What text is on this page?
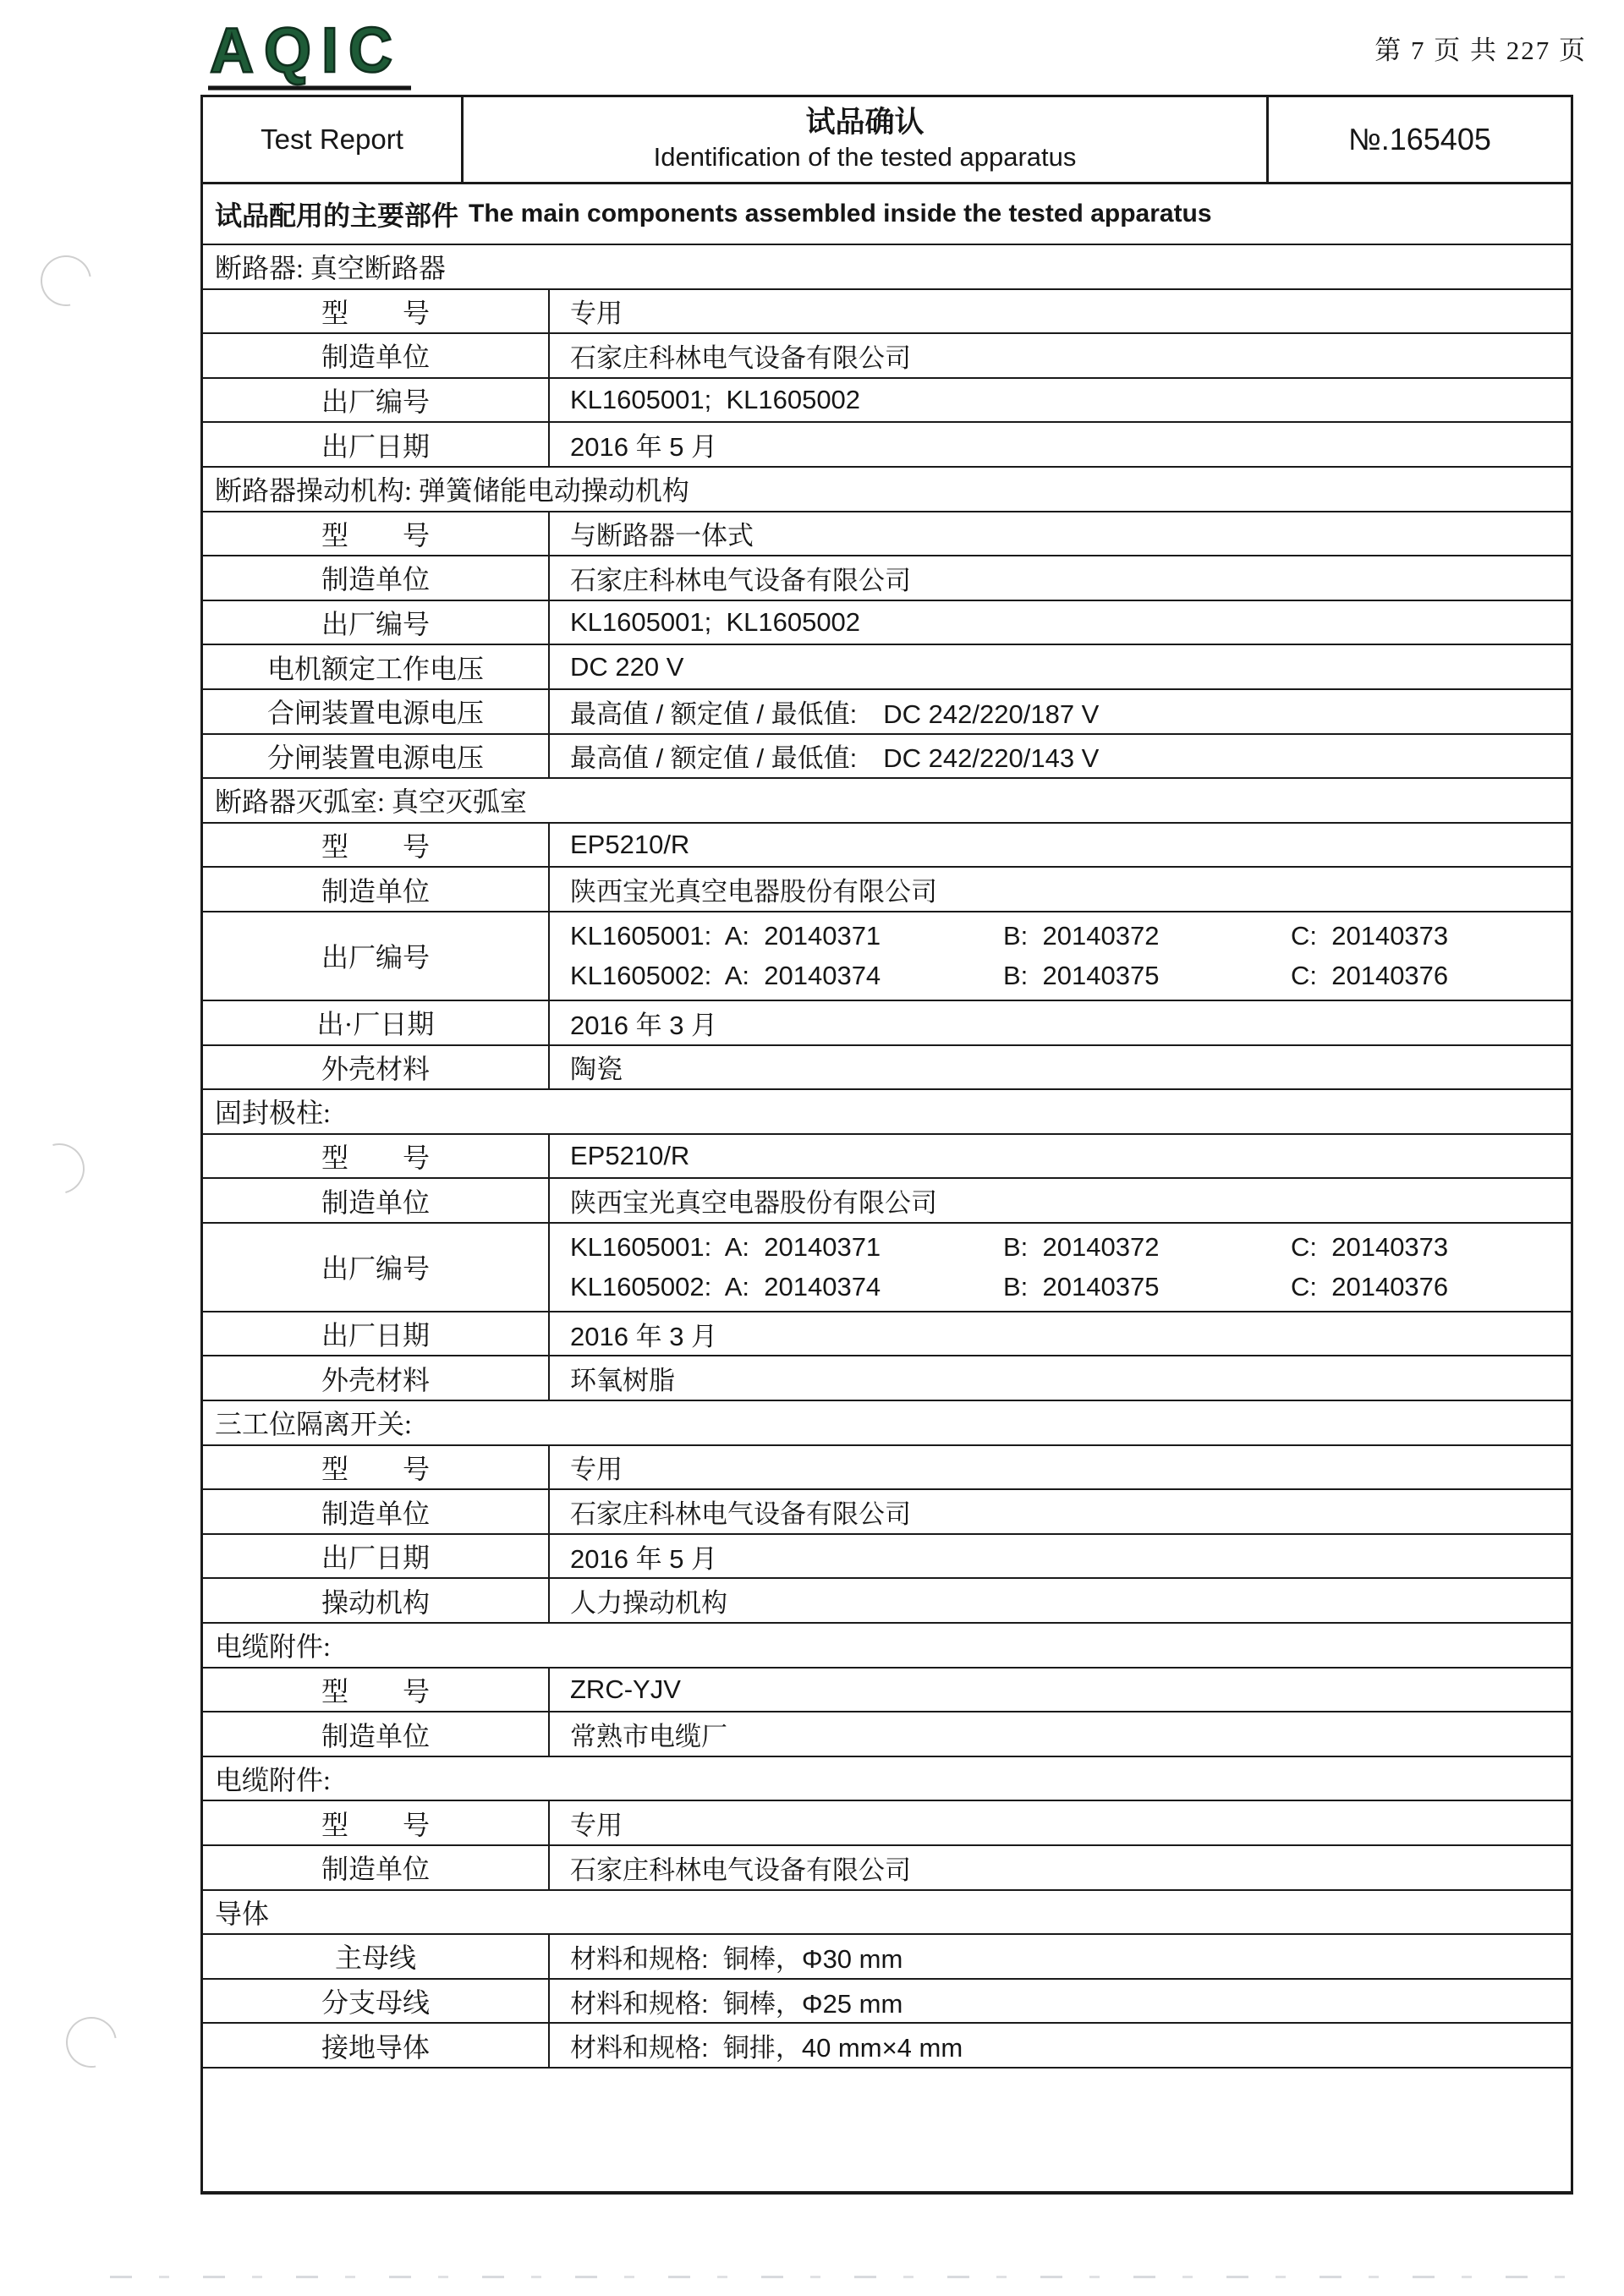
AQIC	第 7 页 共 227 页
Test Report
试品确认
Identification of the tested apparatus
№.165405
试品配用的主要部件 The main components assembled inside the tested apparatus
断路器: 真空断路器
型　　号	专用
制造单位	石家庄科林电气设备有限公司
出厂编号	KL1605001;  KL1605002
出厂日期	2016 年 5 月
断路器操动机构: 弹簧储能电动操动机构
型　　号	与断路器一体式
制造单位	石家庄科林电气设备有限公司
出厂编号	KL1605001;  KL1605002
电机额定工作电压	DC 220 V
合闸装置电源电压	最高值 / 额定值 / 最低值:　DC 242/220/187 V
分闸装置电源电压	最高值 / 额定值 / 最低值:　DC 242/220/143 V
断路器灭弧室: 真空灭弧室
型　　号	EP5210/R
制造单位	陕西宝光真空电器股份有限公司
出厂编号
KL1605001:  A:  20140371	B:  20140372	C:  20140373
KL1605002:  A:  20140374	B:  20140375	C:  20140376
出·厂日期	2016 年 3 月
外壳材料	陶瓷
固封极柱:
型　　号	EP5210/R
制造单位	陕西宝光真空电器股份有限公司
出厂编号
KL1605001:  A:  20140371	B:  20140372	C:  20140373
KL1605002:  A:  20140374	B:  20140375	C:  20140376
出厂日期	2016 年 3 月
外壳材料	环氧树脂
三工位隔离开关:
型　　号	专用
制造单位	石家庄科林电气设备有限公司
出厂日期	2016 年 5 月
操动机构	人力操动机构
电缆附件:
型　　号	ZRC-YJV
制造单位	常熟市电缆厂
电缆附件:
型　　号	专用
制造单位	石家庄科林电气设备有限公司
导体
主母线	材料和规格:  铜棒，Φ30 mm
分支母线	材料和规格:  铜棒，Φ25 mm
接地导体	材料和规格:  铜排，40 mm×4 mm
